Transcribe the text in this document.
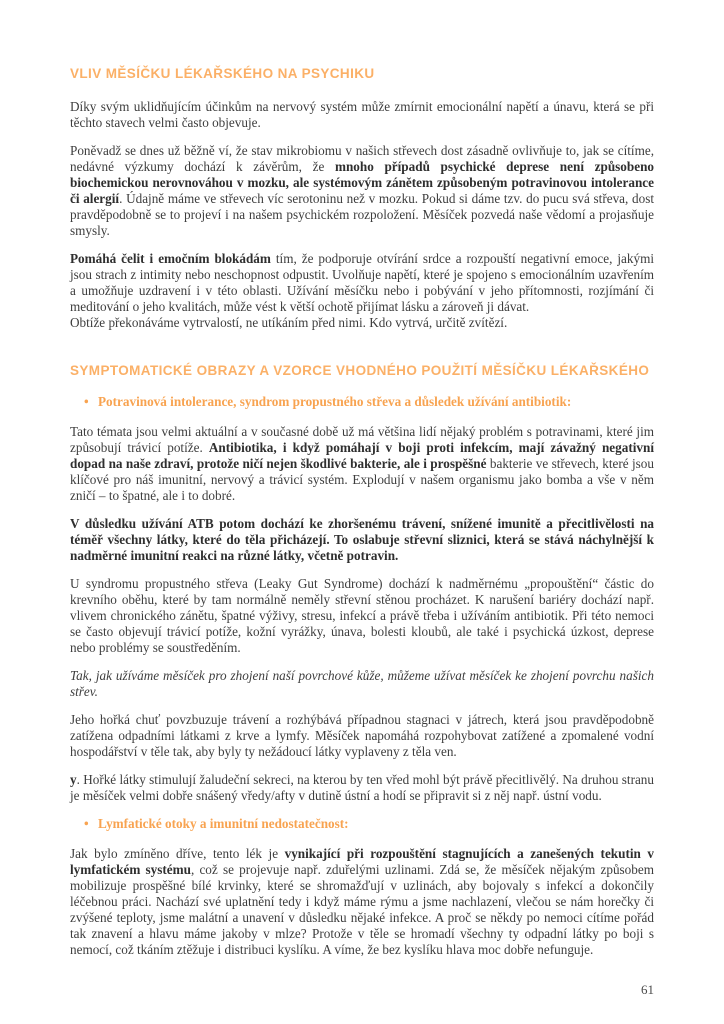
VLIV MĚSÍČKU LÉKAŘSKÉHO NA PSYCHIKU

Díky svým uklidňujícím účinkům na nervový systém může zmírnit emocionální napětí a únavu, která se při těchto stavech velmi často objevuje.

Poněvadž se dnes už běžně ví, že stav mikrobiomu v našich střevech dost zásadně ovlivňuje to, jak se cítíme, nedávné výzkumy dochází k závěrům, že mnoho případů psychické deprese není způsobeno biochemickou nerovnováhou v mozku, ale systémovým zánětem způsobeným potravinovou intolerance či alergií. Údajně máme ve střevech víc serotoninu než v mozku. Pokud si dáme tzv. do pucu svá střeva, dost pravděpodobně se to projeví i na našem psychickém rozpoložení. Měsíček pozvedá naše vědomí a projasňuje smysly.

Pomáhá čelit i emočním blokádám tím, že podporuje otvírání srdce a rozpouští negativní emoce, jakými jsou strach z intimity nebo neschopnost odpustit. Uvolňuje napětí, které je spojeno s emocionálním uzavřením a umožňuje uzdravení i v této oblasti. Užívání měsíčku nebo i pobývání v jeho přítomnosti, rozjímání či meditování o jeho kvalitách, může vést k větší ochotě přijímat lásku a zároveň ji dávat.
Obtíže překonáváme vytrvalostí, ne utíkáním před nimi. Kdo vytrvá, určitě zvítězí.

SYMPTOMATICKÉ OBRAZY A VZORCE VHODNÉHO POUŽITÍ MĚSÍČKU LÉKAŘSKÉHO
• Potravinová intolerance, syndrom propustného střeva a důsledek užívání antibiotik:

Tato témata jsou velmi aktuální a v současné době už má většina lidí nějaký problém s potravinami, které jim způsobují trávicí potíže. Antibiotika, i když pomáhají v boji proti infekcím, mají závažný negativní dopad na naše zdraví, protože ničí nejen škodlivé bakterie, ale i prospěšné bakterie ve střevech, které jsou klíčové pro náš imunitní, nervový a trávicí systém. Explodují v našem organismu jako bomba a vše v něm zničí – to špatné, ale i to dobré.

V důsledku užívání ATB potom dochází ke zhoršenému trávení, snížené imunitě a přecitlivělosti na téměř všechny látky, které do těla přicházejí. To oslabuje střevní sliznici, která se stává náchylnější k nadměrné imunitní reakci na různé látky, včetně potravin.

U syndromu propustného střeva (Leaky Gut Syndrome) dochází k nadměrnému „propouštění“ částic do krevního oběhu, které by tam normálně neměly střevní stěnou procházet. K narušení bariéry dochází např. vlivem chronického zánětu, špatné výživy, stresu, infekcí a právě třeba i užíváním antibiotik. Při této nemoci se často objevují trávicí potíže, kožní vyrážky, únava, bolesti kloubů, ale také i psychická úzkost, deprese nebo problémy se soustředěním.

Tak, jak užíváme měsíček pro zhojení naší povrchové kůže, můžeme užívat měsíček ke zhojení povrchu našich střev.

Jeho hořká chuť povzbuzuje trávení a rozhýbává případnou stagnaci v játrech, která jsou pravděpodobně zatížena odpadními látkami z krve a lymfy. Měsíček napomáhá rozpohybovat zatížené a zpomalené vodní hospodářství v těle tak, aby byly ty nežádoucí látky vyplaveny z těla ven.

y. Hořké látky stimulují žaludeční sekreci, na kterou by ten vřed mohl být právě přecitlivělý. Na druhou stranu je měsíček velmi dobře snášený vředy/afty v dutině ústní a hodí se připravit si z něj např. ústní vodu.

• Lymfatické otoky a imunitní nedostatečnost:

Jak bylo zmíněno dříve, tento lék je vynikající při rozpouštění stagnujících a zanešených tekutin v lymfatickém systému, což se projevuje např. zduřelými uzlinami. Zdá se, že měsíček nějakým způsobem mobilizuje prospěšné bílé krvinky, které se shromažďují v uzlinách, aby bojovaly s infekcí a dokončily léčebnou práci. Nachází své uplatnění tedy i když máme rýmu a jsme nachlazení, vlečou se nám horečky či zvýšené teploty, jsme malátní a unavení v důsledku nějaké infekce. A proč se někdy po nemoci cítíme pořád tak znavení a hlavu máme jakoby v mlze? Protože v těle se hromadí všechny ty odpadní látky po boji s nemocí, což tkáním ztěžuje i distribuci kyslíku. A víme, že bez kyslíku hlava moc dobře nefunguje.

61
